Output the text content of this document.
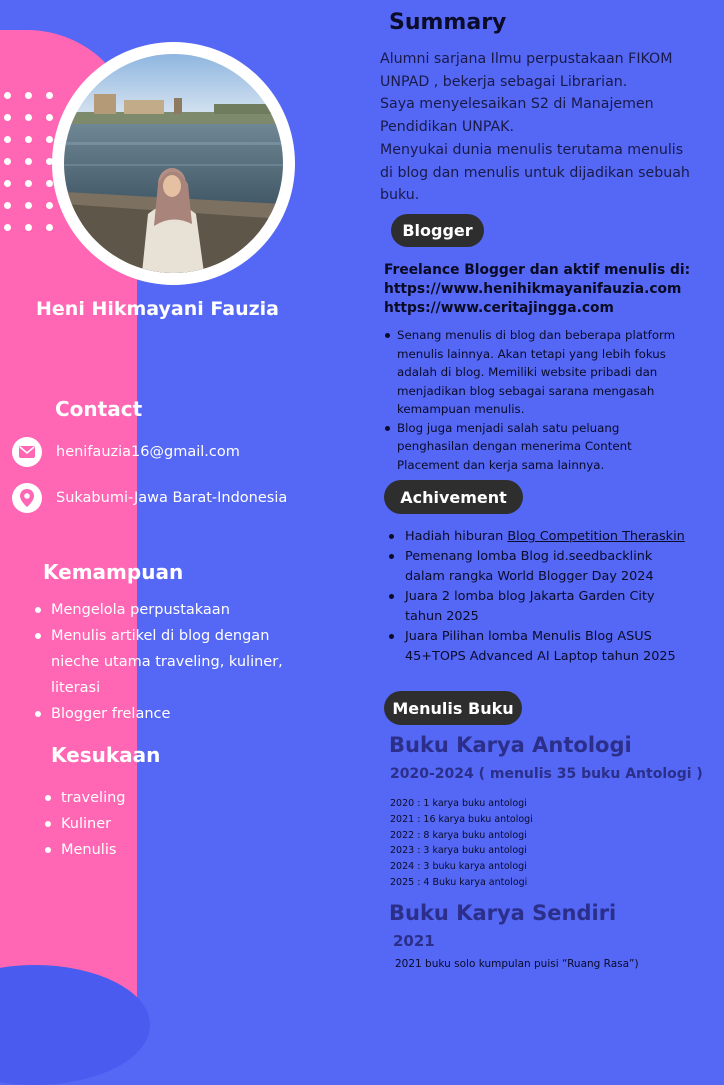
Heni Hikmayani Fauzia
Contact
henifauzia16@gmail.com
Sukabumi-Jawa Barat-Indonesia
Kemampuan
Mengelola perpustakaan
Menulis artikel di blog dengan
nieche utama traveling, kuliner,
literasi
Blogger frelance
Kesukaan
traveling
Kuliner
Menulis
Summary

Alumni sarjana Ilmu perpustakaan FIKOM
UNPAD , bekerja sebagai Librarian.
Saya menyelesaikan S2 di Manajemen
Pendidikan UNPAK.
Menyukai dunia menulis terutama menulis
di blog dan menulis untuk dijadikan sebuah
buku.

Blogger
Freelance Blogger dan aktif menulis di:
https://www.henihikmayanifauzia.com
https://www.ceritajingga.com
Senang menulis di blog dan beberapa platform
menulis lainnya. Akan tetapi yang lebih fokus
adalah di blog. Memiliki website pribadi dan
menjadikan blog sebagai sarana mengasah
kemampuan menulis.
Blog juga menjadi salah satu peluang
penghasilan dengan menerima Content
Placement dan kerja sama lainnya.
Achivement
Hadiah hiburan Blog Competition Theraskin
Pemenang lomba Blog id.seedbacklink
dalam rangka World Blogger Day 2024
Juara 2 lomba blog Jakarta Garden City
tahun 2025
Juara Pilihan lomba Menulis Blog ASUS
45+TOPS Advanced AI Laptop tahun 2025
Menulis Buku
Buku Karya Antologi
2020-2024 ( menulis 35 buku Antologi )
2020 : 1 karya buku antologi
2021 : 16 karya buku antologi
2022 : 8 karya buku antologi
2023 : 3 karya buku antologi
2024 : 3 buku karya antologi
2025 : 4 Buku karya antologi
Buku Karya Sendiri
2021
2021 buku solo kumpulan puisi “Ruang Rasa”)
